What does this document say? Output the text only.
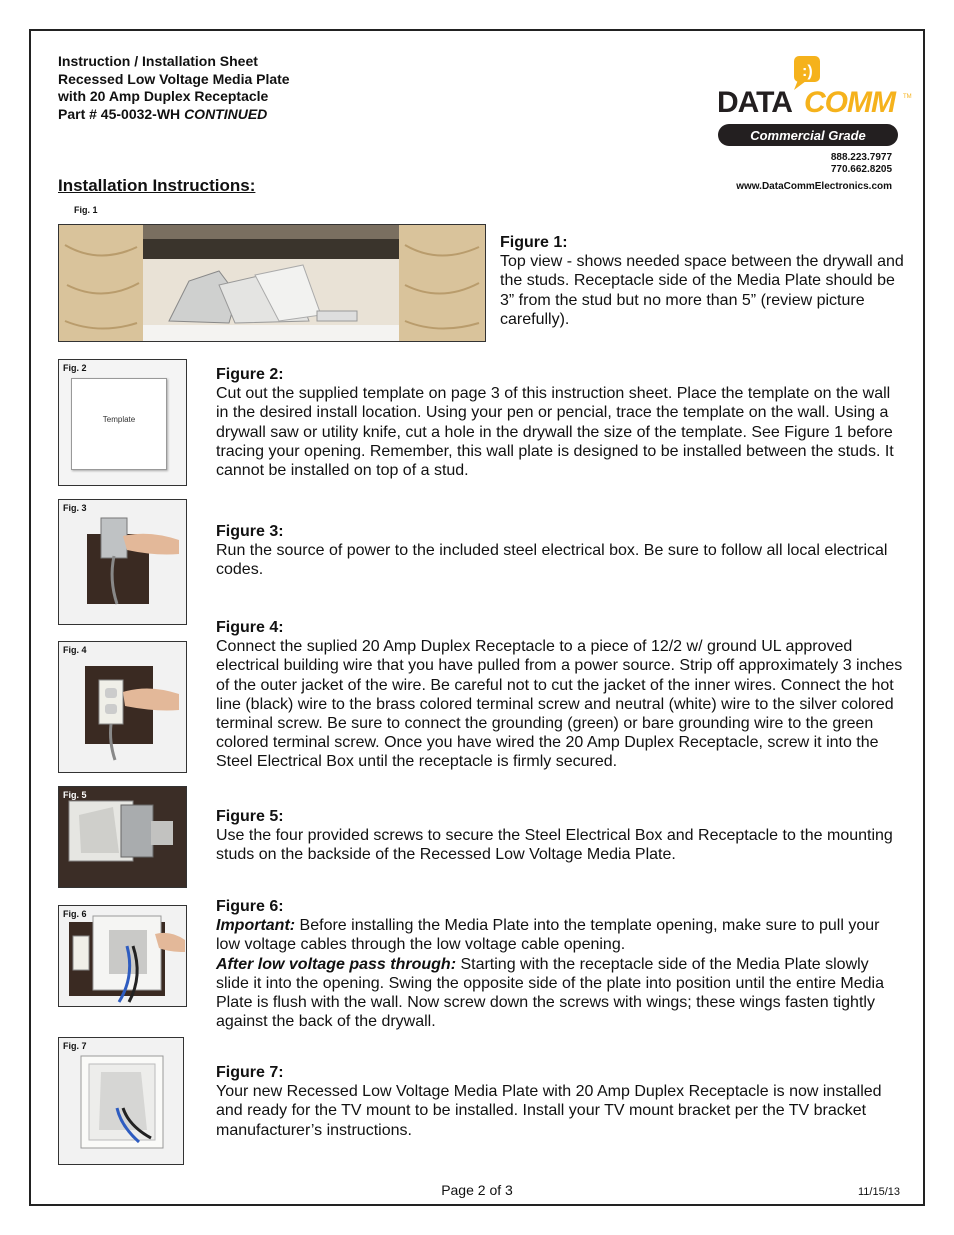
Instruction / Installation Sheet
Recessed Low Voltage Media Plate
with 20 Amp Duplex Receptacle
Part # 45-0032-WH CONTINUED
:)
DATA COMM	TM
Commercial Grade
888.223.7977
770.662.8205
www.DataCommElectronics.com
Installation Instructions:
Fig. 1
Figure 1:

Top view - shows needed space between the drywall and the studs. Receptacle side of the Media Plate should be 3” from the stud but no more than 5” (review picture carefully).

Fig. 2
Template
Figure 2:

Cut out the supplied template on page 3 of this instruction sheet. Place the template on the wall in the desired install location. Using your pen or pencial, trace the template on the wall. Using a drywall saw or utility knife, cut a hole in the drywall the size of the template. See Figure 1 before tracing your opening. Remember, this wall plate is designed to be installed between the studs. It cannot be installed on top of a stud.

Fig. 3
Figure 3:

Run the source of power to the included steel electrical box. Be sure to follow all local electrical codes.

Fig. 4
Figure 4:

Connect the suplied 20 Amp Duplex Receptacle to a piece of 12/2 w/ ground UL approved electrical building wire that you have pulled from a power source. Strip off approximately 3 inches of the outer jacket of the wire. Be careful not to cut the jacket of the inner wires. Connect the hot line (black) wire to the brass colored terminal screw and neutral (white) wire to the silver colored terminal screw. Be sure to connect the grounding (green) or bare grounding wire to the green colored terminal screw. Once you have wired the 20 Amp Duplex Receptacle, screw it into the Steel Electrical Box until the receptacle is firmly secured.

Fig. 5
Figure 5:

Use the four provided screws to secure the Steel Electrical Box and Receptacle to the mounting studs on the backside of the Recessed Low Voltage Media Plate.

Fig. 6	Figure 6:

Important: Before installing the Media Plate into the template opening, make sure to pull your low voltage cables through the low voltage cable opening.

After low voltage pass through: Starting with the receptacle side of the Media Plate slowly slide it into the opening. Swing the opposite side of the plate into position until the entire Media Plate is flush with the wall. Now screw down the screws with wings; these wings fasten tightly against the back of the drywall.

Fig. 7
Figure 7:

Your new Recessed Low Voltage Media Plate with 20 Amp Duplex Receptacle is now installed and ready for the TV mount to be installed. Install your TV mount bracket per the TV bracket manufacturer’s instructions.

Page 2 of 3	11/15/13
